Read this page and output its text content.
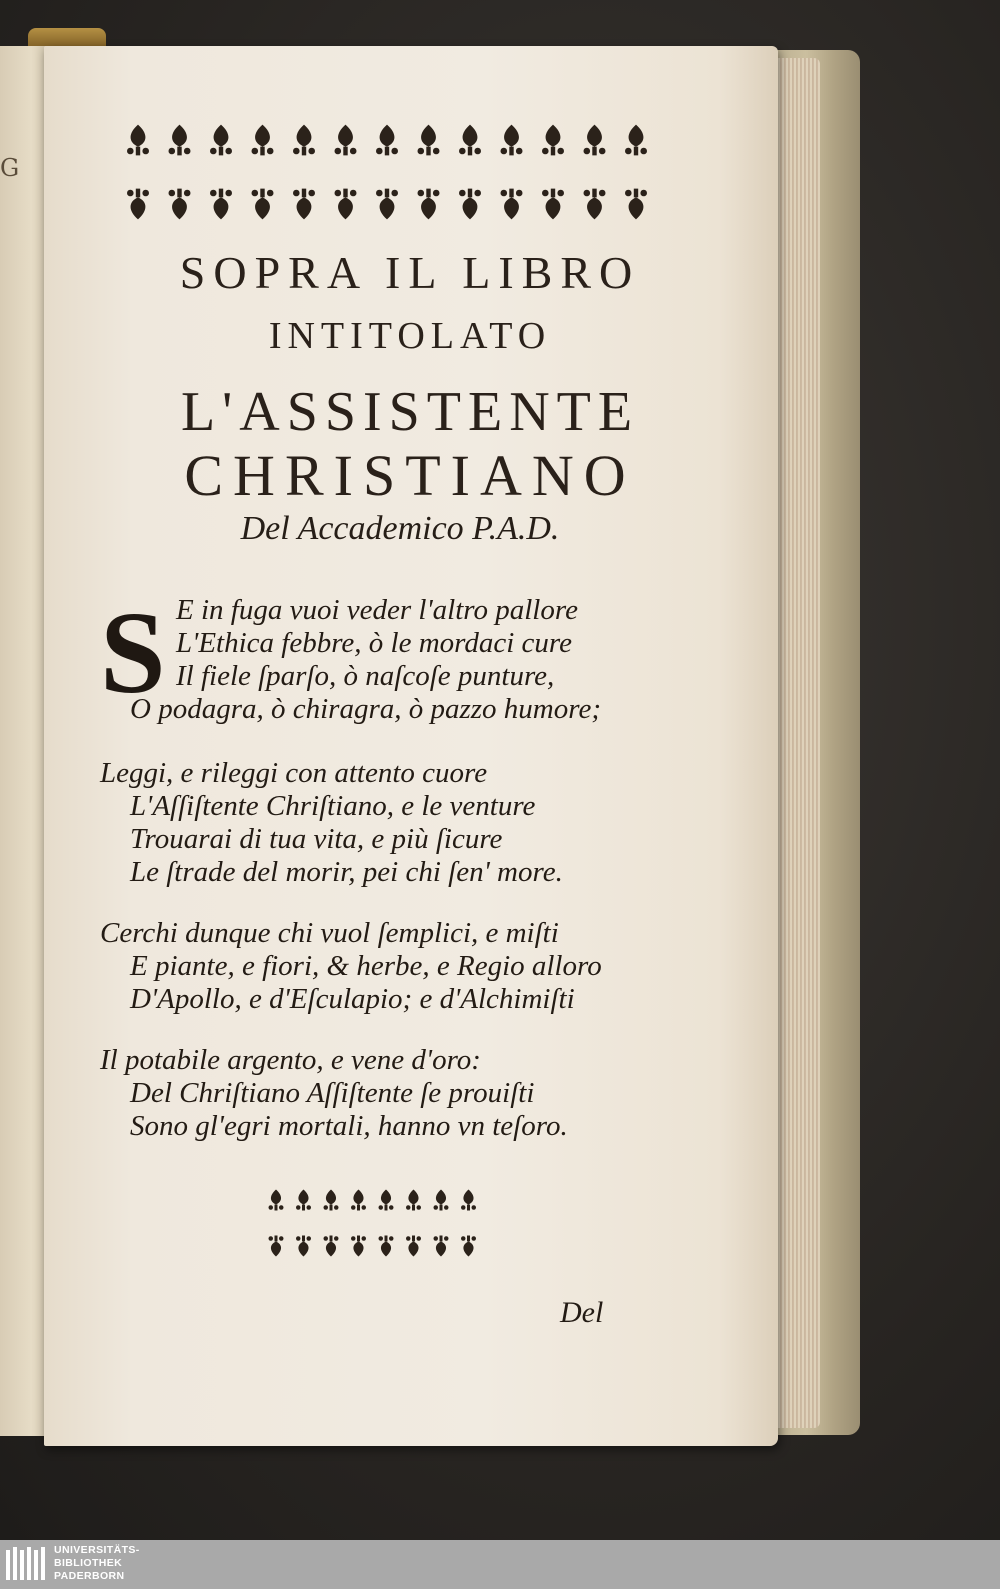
G
SOPRA IL LIBRO
INTITOLATO
L'ASSISTENTE
CHRISTIANO
Del Accademico P.A.D.
S E in fuga vuoi veder l'altro pallore
L'Ethica febbre, ò le mordaci cure
Il fiele ſparſo, ò naſcoſe punture,
O podagra, ò chiragra, ò pazzo humore;
Leggi, e rileggi con attento cuore
L'Aſſiſtente Chriſtiano, e le venture
Trouarai di tua vita, e più ſicure
Le ſtrade del morir, pei chi ſen' more.
Cerchi dunque chi vuol ſemplici, e miſti
E piante, e fiori, & herbe, e Regio alloro
D'Apollo, e d'Eſculapio; e d'Alchimiſti
Il potabile argento, e vene d'oro:
Del Chriſtiano Aſſiſtente ſe prouiſti
Sono gl'egri mortali, hanno vn teſoro.
Del
UNIVERSITÄTS-
BIBLIOTHEK
PADERBORN
